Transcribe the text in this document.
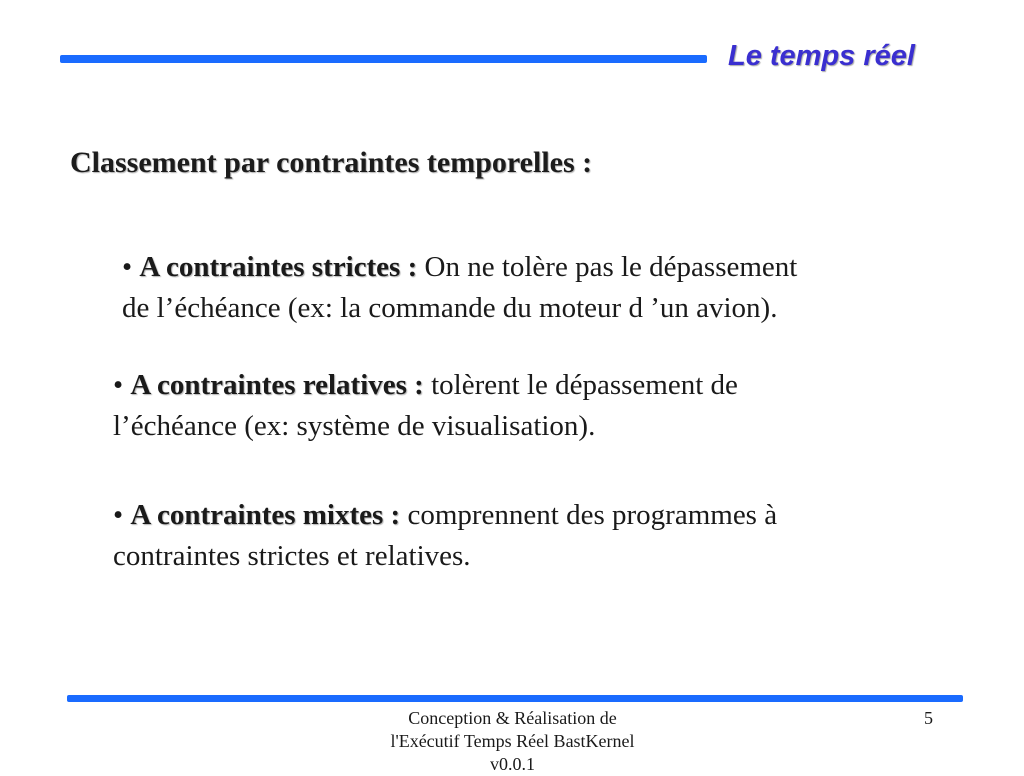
Le temps réel
Classement par contraintes temporelles :
• A contraintes strictes : On ne tolère pas le dépassement
de l’échéance (ex: la commande du moteur d ’un avion).
• A contraintes relatives : tolèrent le dépassement de
l’échéance (ex: système de visualisation).
• A contraintes mixtes : comprennent des programmes à
contraintes strictes et relatives.
Conception & Réalisation de
l'Exécutif Temps Réel BastKernel
v0.0.1
5
